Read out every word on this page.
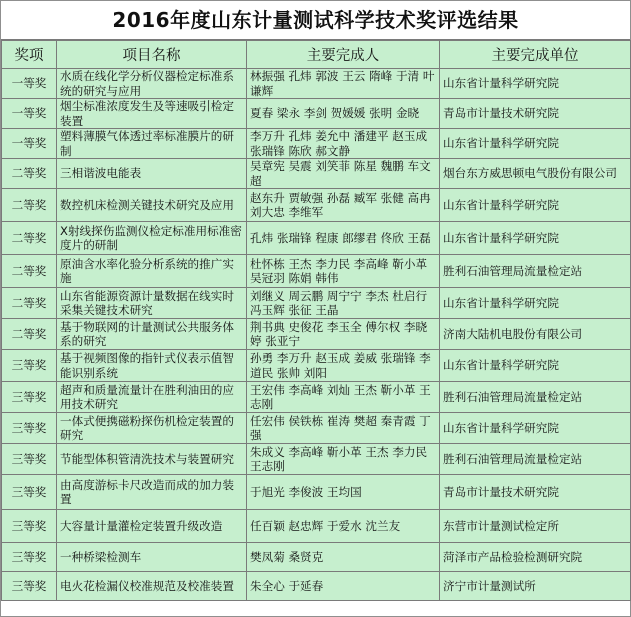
2016年度山东计量测试科学技术奖评选结果
奖项	项目名称	主要完成人	主要完成单位
一等奖	水质在线化学分析仪器检定标准系统的研究与应用	林振强 孔炜 郭波 王云 隋峰 于清 叶谦辉	山东省计量科学研究院
一等奖	烟尘标准浓度发生及等速吸引检定装置	夏春 梁永 李剑 贺媛媛 张明 金晓	青岛市计量技术研究院
一等奖	塑料薄膜气体透过率标准膜片的研制	李万升 孔炜 姜允中 潘建平 赵玉成 张瑞锋 陈欣 郝文静	山东省计量科学研究院
二等奖	三相谐波电能表	吴章宪 吴震 刘笑菲 陈星 魏鹏 车文超	烟台东方威思顿电气股份有限公司
二等奖	数控机床检测关键技术研究及应用	赵东升 贾敏强 孙磊 臧军 张健 高冉 刘大忠 李维军	山东省计量科学研究院
二等奖	X射线探伤监测仪检定标准用标准密度片的研制	孔炜 张瑞锋 程康 郎缪君 佟欣 王磊	山东省计量科学研究院
二等奖	原油含水率化验分析系统的推广实施	杜怀栋 王杰 李力民 李高峰 靳小革 吴冠羽 陈娟 韩伟	胜利石油管理局流量检定站
二等奖	山东省能源资源计量数据在线实时采集关键技术研究	刘继义 周云鹏 周宁宁 李杰 杜启行 冯玉辉 张征 王晶	山东省计量科学研究院
二等奖	基于物联网的计量测试公共服务体系的研究	荆书典 史俊花 李玉全 傅尔权 李晓婷 张亚宁	济南大陆机电股份有限公司
三等奖	基于视频图像的指针式仪表示值智能识别系统	孙勇 李万升 赵玉成 姜威 张瑞锋 李道民 张帅 刘阳	山东省计量科学研究院
三等奖	超声和质量流量计在胜利油田的应用技术研究	王宏伟 李高峰 刘灿 王杰 靳小革 王志刚	胜利石油管理局流量检定站
三等奖	一体式便携磁粉探伤机检定装置的研究	任宏伟 侯铁栋 崔涛 樊超 秦青霞 丁强	山东省计量科学研究院
三等奖	节能型体积管清洗技术与装置研究	朱成义 李高峰 靳小革 王杰 李力民 王志刚	胜利石油管理局流量检定站
三等奖	由高度游标卡尺改造而成的加力装置	于旭光 李俊波 王均国	青岛市计量技术研究院
三等奖	大容量计量灌检定装置升级改造	任百颖 赵忠辉 于爱水 沈兰友	东营市计量测试检定所
三等奖	一种桥梁检测车	樊凤菊 桑贤克	菏泽市产品检验检测研究院
三等奖	电火花检漏仪校准规范及校准装置	朱全心 于延春	济宁市计量测试所
